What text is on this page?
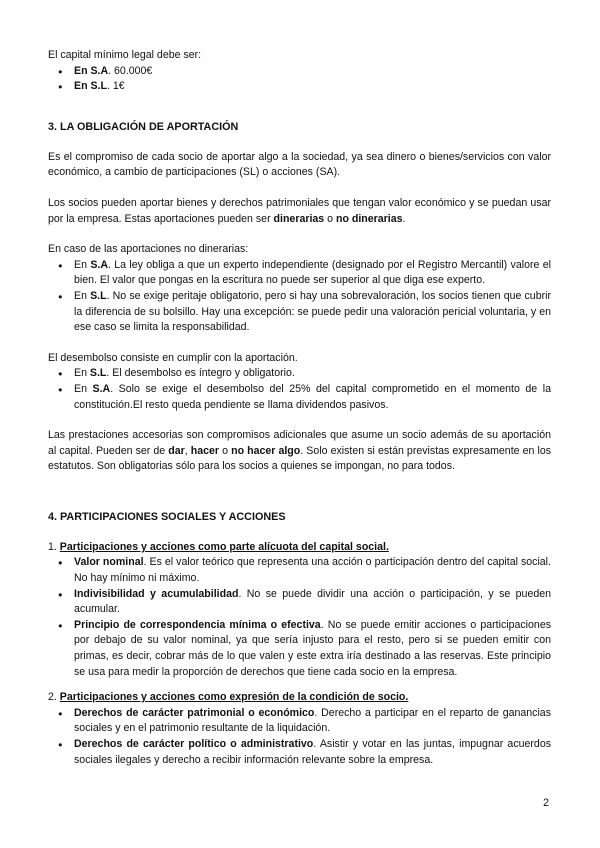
El capital mínimo legal debe ser:

● En S.A. 60.000€
● En S.L. 1€
3. LA OBLIGACIÓN DE APORTACIÓN

Es el compromiso de cada socio de aportar algo a la sociedad, ya sea dinero o bienes/servicios con valor económico, a cambio de participaciones (SL) o acciones (SA).

Los socios pueden aportar bienes y derechos patrimoniales que tengan valor económico y se puedan usar por la empresa. Estas aportaciones pueden ser dinerarias o no dinerarias.

En caso de las aportaciones no dinerarias:

● En S.A. La ley obliga a que un experto independiente (designado por el Registro Mercantil) valore el bien. El valor que pongas en la escritura no puede ser superior al que diga ese experto.
● En S.L. No se exige peritaje obligatorio, pero si hay una sobrevaloración, los socios tienen que cubrir la diferencia de su bolsillo. Hay una excepción: se puede pedir una valoración pericial voluntaria, y en ese caso se limita la responsabilidad.

El desembolso consiste en cumplir con la aportación.

● En S.L. El desembolso es íntegro y obligatorio.
● En S.A. Solo se exige el desembolso del 25% del capital comprometido en el momento de la constitución.El resto queda pendiente se llama dividendos pasivos.

Las prestaciones accesorias son compromisos adicionales que asume un socio además de su aportación al capital. Pueden ser de dar, hacer o no hacer algo. Solo existen si están previstas expresamente en los estatutos. Son obligatorias sólo para los socios a quienes se impongan, no para todos.

4. PARTICIPACIONES SOCIALES Y ACCIONES

1. Participaciones y acciones como parte alícuota del capital social.

● Valor nominal. Es el valor teórico que representa una acción o participación dentro del capital social. No hay mínimo ni máximo.
● Indivisibilidad y acumulabilidad. No se puede dividir una acción o participación, y se pueden acumular.
● Principio de correspondencia mínima o efectiva. No se puede emitir acciones o participaciones por debajo de su valor nominal, ya que sería injusto para el resto, pero si se pueden emitir con primas, es decir, cobrar más de lo que valen y este extra iría destinado a las reservas. Este principio se usa para medir la proporción de derechos que tiene cada socio en la empresa.

2. Participaciones y acciones como expresión de la condición de socio.

● Derechos de carácter patrimonial o económico. Derecho a participar en el reparto de ganancias sociales y en el patrimonio resultante de la liquidación.
● Derechos de carácter político o administrativo. Asistir y votar en las juntas, impugnar acuerdos sociales ilegales y derecho a recibir información relevante sobre la empresa.
2
